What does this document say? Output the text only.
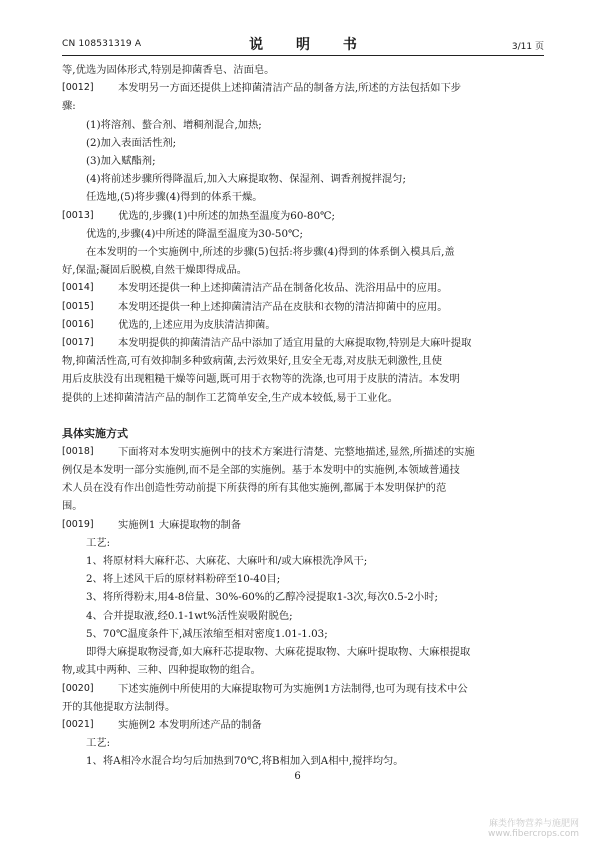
CN 108531319 A	说 明 书	3/11 页
等,优选为固体形式,特别是抑菌香皂、洁面皂。
[0012]	本发明另一方面还提供上述抑菌清洁产品的制备方法,所述的方法包括如下步
骤:
(1)将溶剂、螯合剂、增稠剂混合,加热;
(2)加入表面活性剂;
(3)加入赋酯剂;
(4)将前述步骤所得降温后,加入大麻提取物、保湿剂、调香剂搅拌混匀;
任选地,(5)将步骤(4)得到的体系干燥。
[0013]	优选的,步骤(1)中所述的加热至温度为60-80℃;
优选的,步骤(4)中所述的降温至温度为30-50℃;
在本发明的一个实施例中,所述的步骤(5)包括:将步骤(4)得到的体系倒入模具后,盖
好,保温;凝固后脱模,自然干燥即得成品。
[0014]	本发明还提供一种上述抑菌清洁产品在制备化妆品、洗浴用品中的应用。
[0015]	本发明还提供一种上述抑菌清洁产品在皮肤和衣物的清洁抑菌中的应用。
[0016]	优选的,上述应用为皮肤清洁抑菌。
[0017]	本发明提供的抑菌清洁产品中添加了适宜用量的大麻提取物,特别是大麻叶提取
物,抑菌活性高,可有效抑制多种致病菌,去污效果好,且安全无毒,对皮肤无刺激性,且使
用后皮肤没有出现粗糙干燥等问题,既可用于衣物等的洗涤,也可用于皮肤的清洁。本发明
提供的上述抑菌清洁产品的制作工艺简单安全,生产成本较低,易于工业化。
具体实施方式
[0018]	下面将对本发明实施例中的技术方案进行清楚、完整地描述,显然,所描述的实施
例仅是本发明一部分实施例,而不是全部的实施例。基于本发明中的实施例,本领域普通技
术人员在没有作出创造性劳动前提下所获得的所有其他实施例,都属于本发明保护的范
围。
[0019]	实施例1 大麻提取物的制备
工艺:
1、将原材料大麻秆芯、大麻花、大麻叶和/或大麻根洗净风干;
2、将上述风干后的原材料粉碎至10-40目;
3、将所得粉末,用4-8倍量、30%-60%的乙醇冷浸提取1-3次,每次0.5-2小时;
4、合并提取液,经0.1-1wt%活性炭吸附脱色;
5、70℃温度条件下,减压浓缩至相对密度1.01-1.03;
即得大麻提取物浸膏,如大麻秆芯提取物、大麻花提取物、大麻叶提取物、大麻根提取
物,或其中两种、三种、四种提取物的组合。
[0020]	下述实施例中所使用的大麻提取物可为实施例1方法制得,也可为现有技术中公
开的其他提取方法制得。
[0021]	实施例2 本发明所述产品的制备
工艺:
1、将A相冷水混合均匀后加热到70℃,将B相加入到A相中,搅拌均匀。
6
麻类作物营养与施肥网
www.fibercrops.com
